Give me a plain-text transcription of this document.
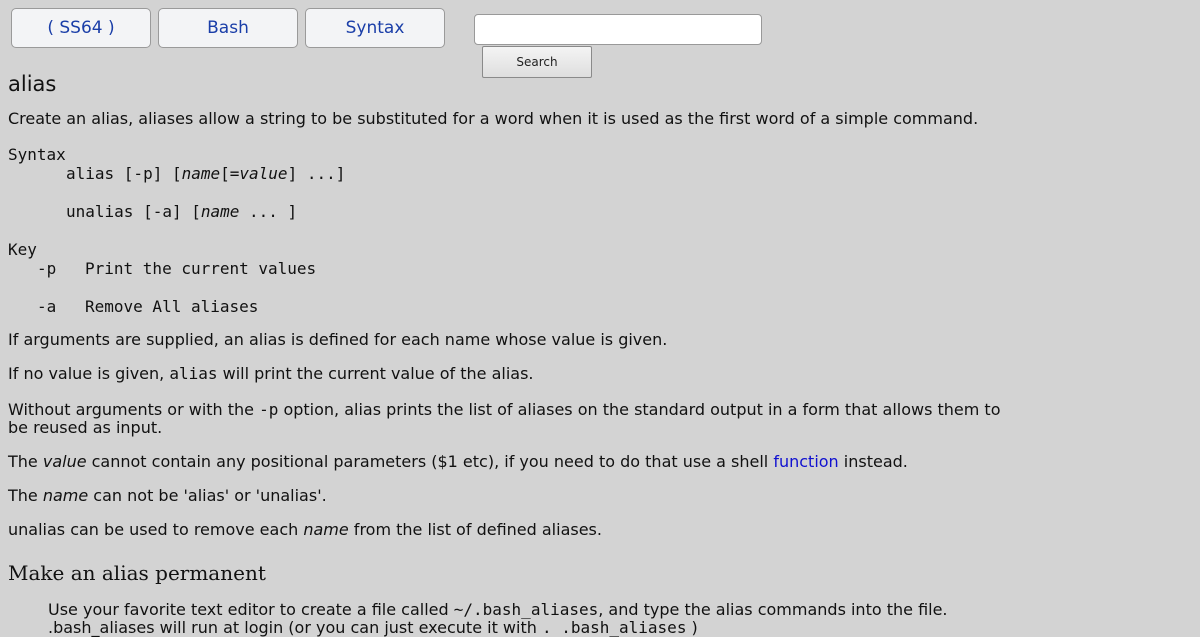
( SS64 )	Bash	Syntax
Search
alias
Create an alias, aliases allow a string to be substituted for a word when it is used as the first word of a simple command.
Syntax
alias [-p] [name[=value] ...]
unalias [-a] [name ... ]
Key
-p Print the current values
-a Remove All aliases
If arguments are supplied, an alias is defined for each name whose value is given.
If no value is given, alias will print the current value of the alias.
Without arguments or with the -p option, alias prints the list of aliases on the standard output in a form that allows them to be reused as input.
The value cannot contain any positional parameters ($1 etc), if you need to do that use a shell function instead.
The name can not be 'alias' or 'unalias'.
unalias can be used to remove each name from the list of defined aliases.
Make an alias permanent
Use your favorite text editor to create a file called ~/.bash_aliases, and type the alias commands into the file.
.bash_aliases will run at login (or you can just execute it with . .bash_aliases )
